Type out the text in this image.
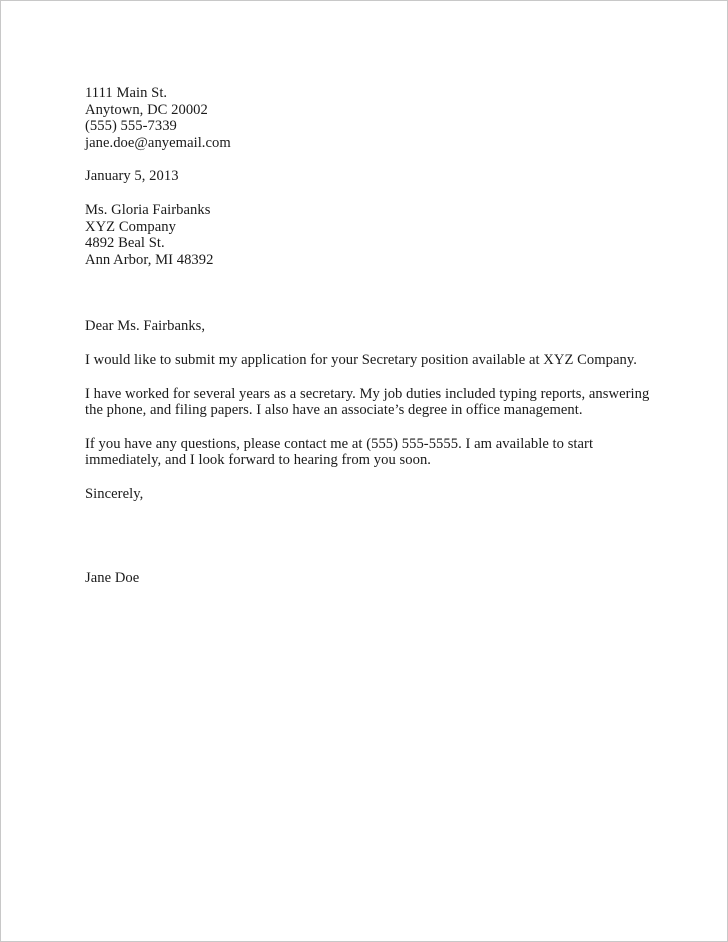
1111 Main St.
Anytown, DC 20002
(555) 555-7339
jane.doe@anyemail.com
January 5, 2013
Ms. Gloria Fairbanks
XYZ Company
4892 Beal St.
Ann Arbor, MI 48392
Dear Ms. Fairbanks,
I would like to submit my application for your Secretary position available at XYZ Company.
I have worked for several years as a secretary. My job duties included typing reports, answering
the phone, and filing papers. I also have an associate’s degree in office management.
If you have any questions, please contact me at (555) 555-5555. I am available to start
immediately, and I look forward to hearing from you soon.
Sincerely,
Jane Doe
